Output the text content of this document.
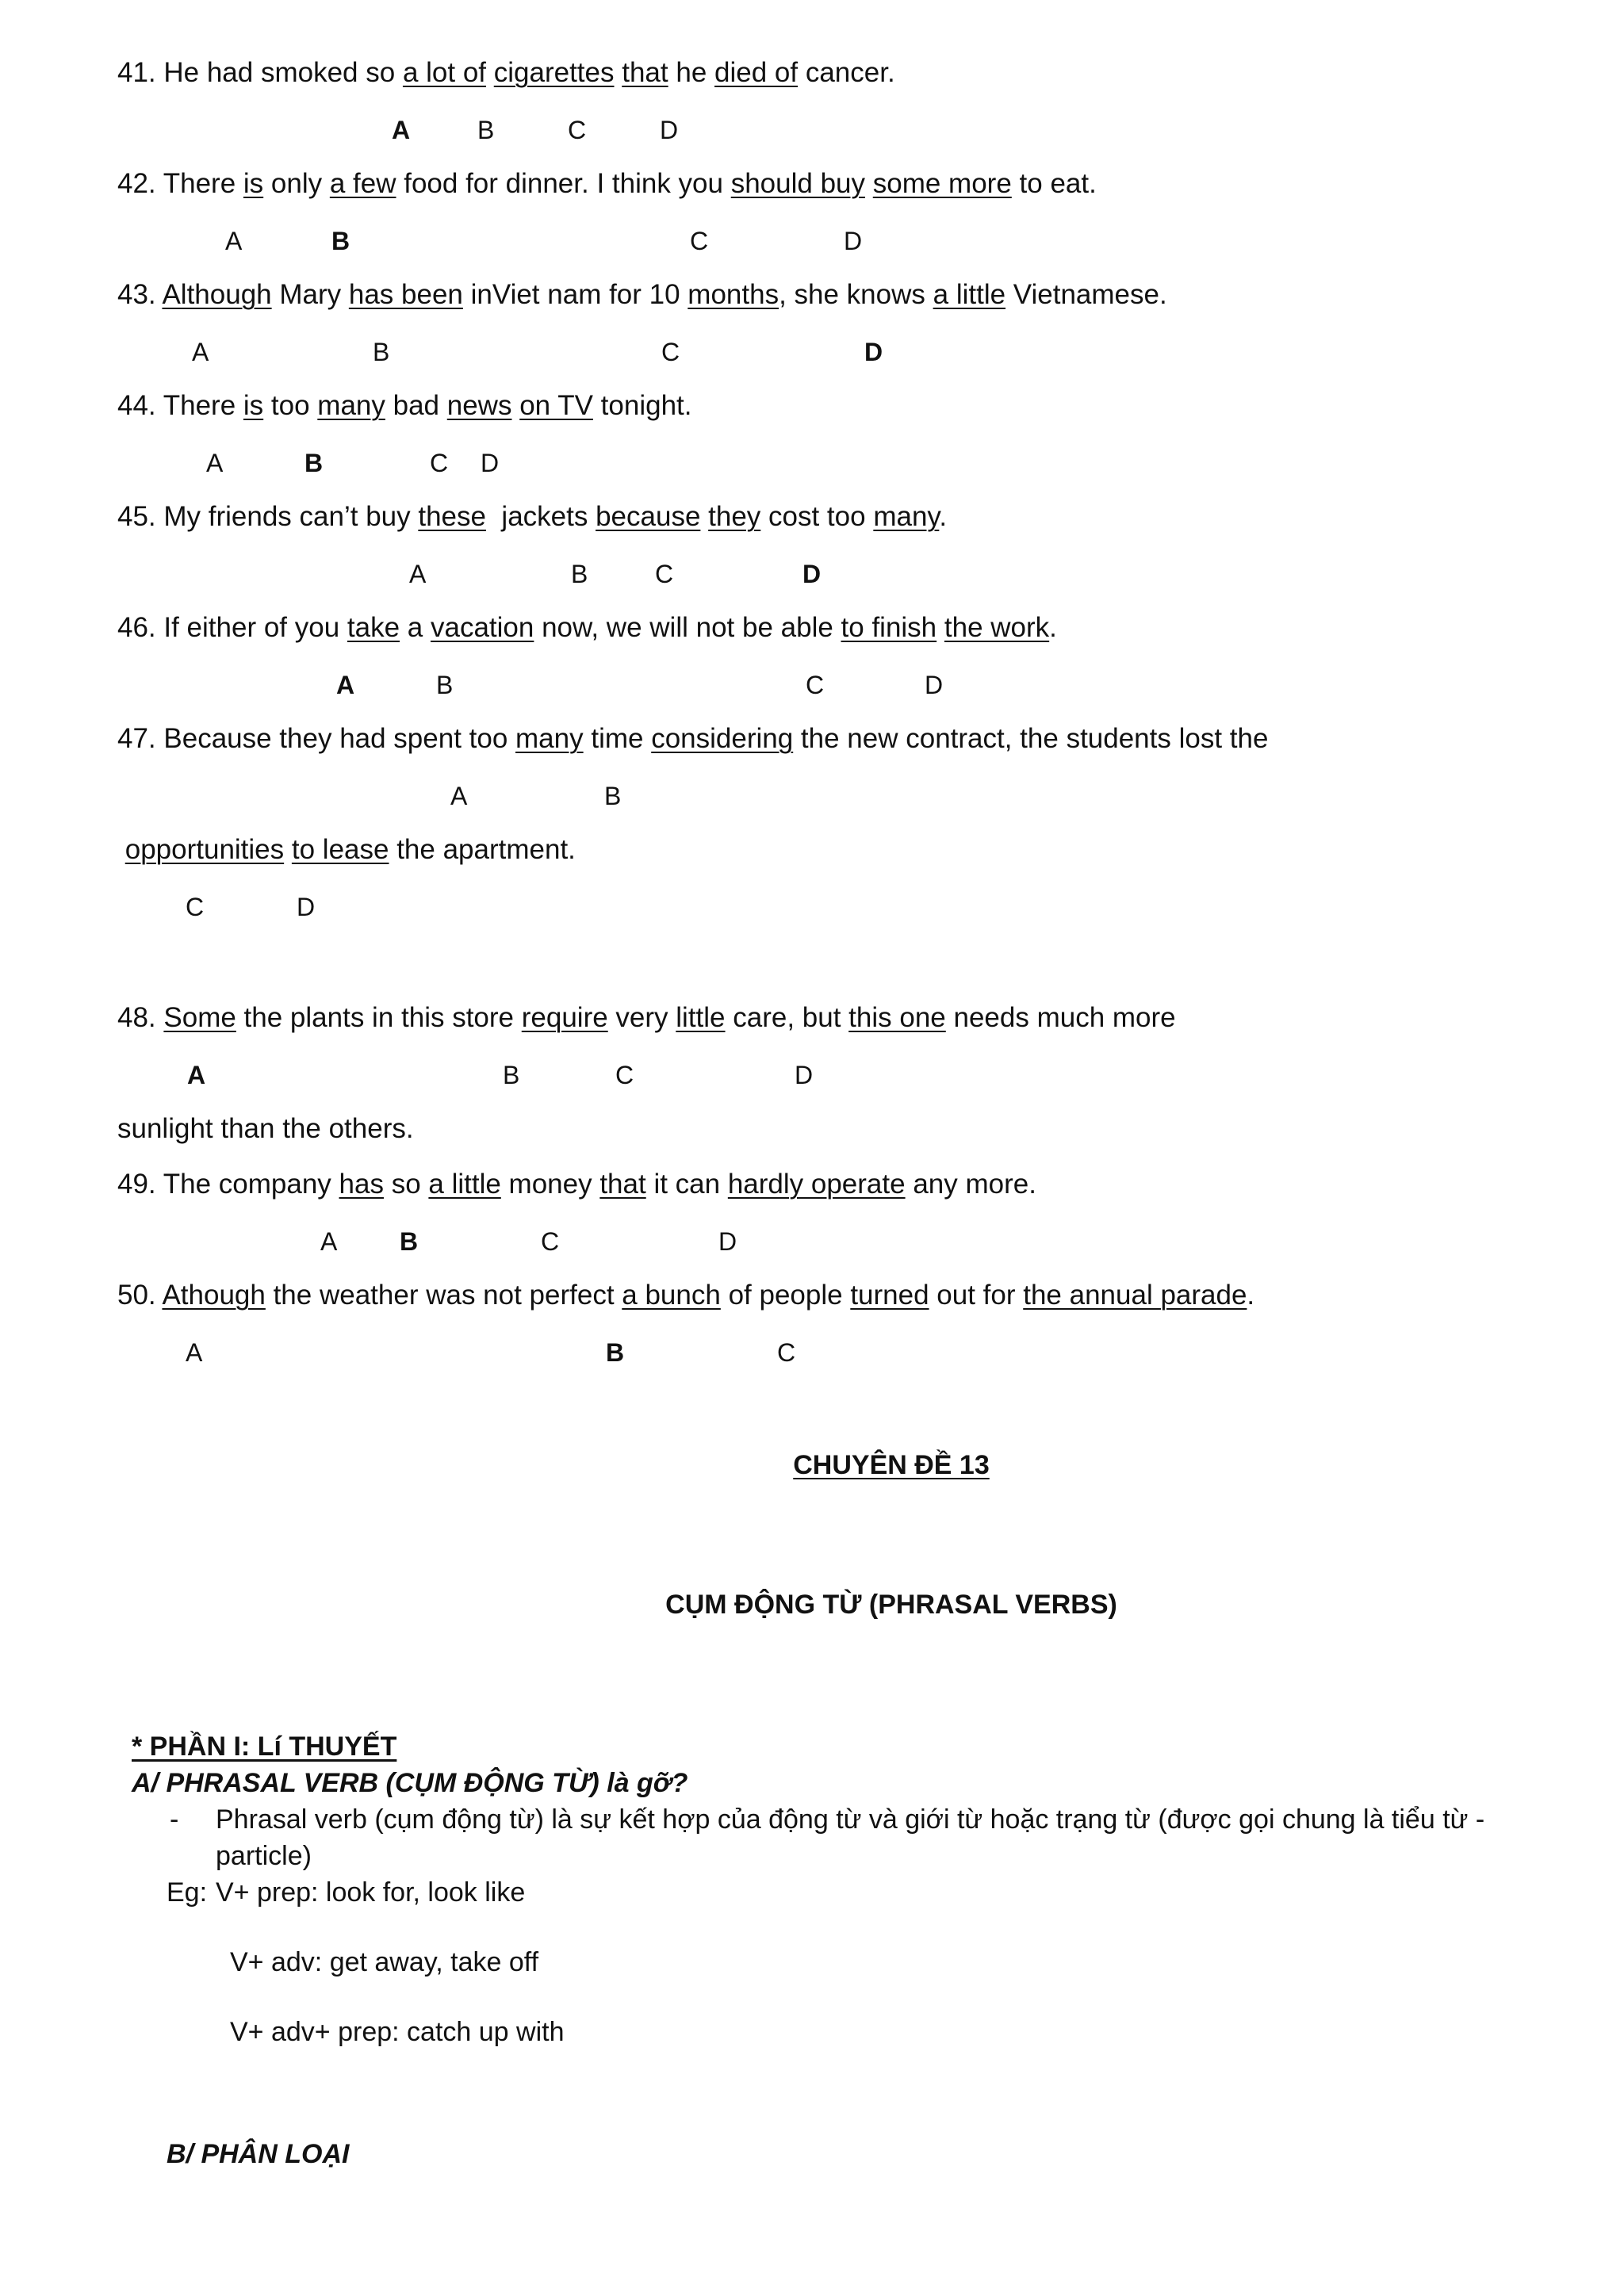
41. He had smoked so a lot of cigarettes that he died of cancer.
42. There is only a few food for dinner. I think you should buy some more to eat.
43. Although Mary has been inViet nam for 10 months, she knows a little Vietnamese.
44. There is too many bad news on TV tonight.
45. My friends can’t buy these  jackets because they cost too many.
46. If either of you take a vacation now, we will not be able to finish the work.
47. Because they had spent too many time considering the new contract, the students lost the
opportunities to lease the apartment.
48. Some the plants in this store require very little care, but this one needs much more
sunlight than the others.
49. The company has so a little money that it can hardly operate any more.
50. Athough the weather was not perfect a bunch of people turned out for the annual parade.
A	B	C	D
A	B	C	D
A	B	C	D
A	B	C D
A	B	C	D
A	B	C	D
A	B
C	D
A	B	C	D
A B	C	D
A	B	C
CHUYÊN ĐỀ 13
CỤM ĐỘNG TỪ (PHRASAL VERBS)
* PHẦN I: Lí THUYẾT
A/ PHRASAL VERB (CỤM ĐỘNG TỪ) là gỡ?
- Phrasal verb (cụm động từ) là sự kết hợp của động từ và giới từ hoặc trạng từ (được gọi chung là tiểu từ - particle)
Eg: V+ prep: look for, look like
V+ adv: get away, take off
V+ adv+ prep: catch up with
B/ PHÂN LOẠI
